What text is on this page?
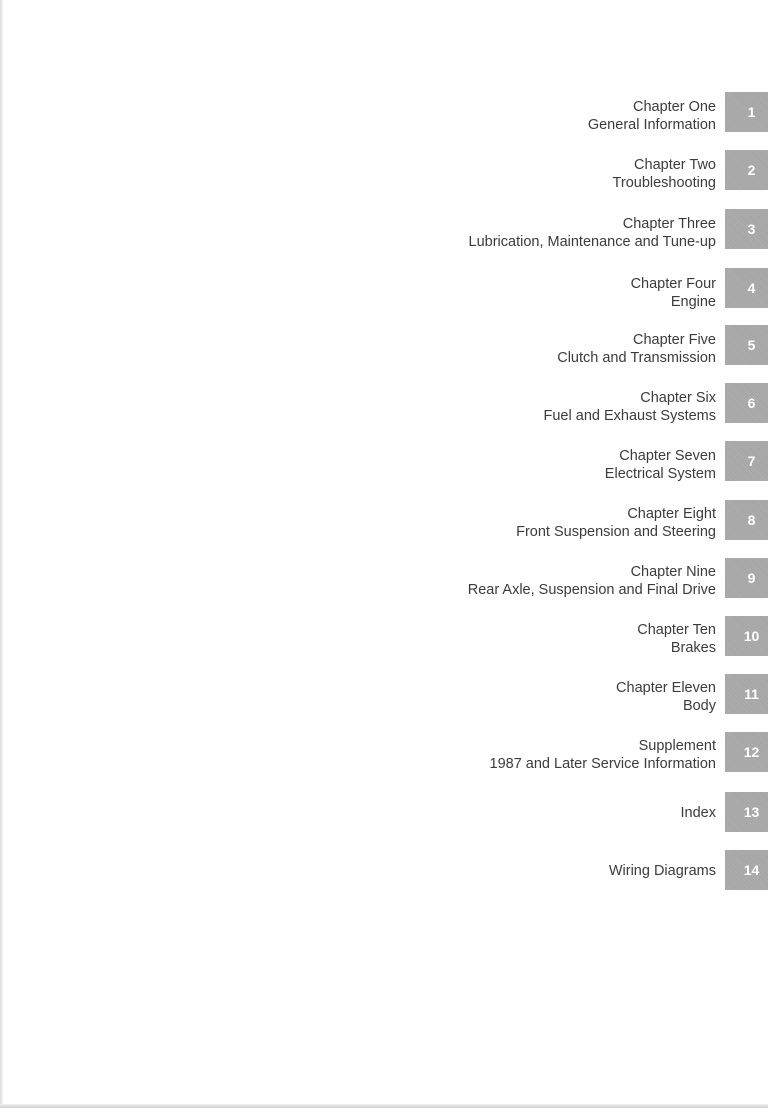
Chapter One
General Information
1
Chapter Two
Troubleshooting
2
Chapter Three
Lubrication, Maintenance and Tune-up
3
Chapter Four
Engine
4
Chapter Five
Clutch and Transmission
5
Chapter Six
Fuel and Exhaust Systems
6
Chapter Seven
Electrical System
7
Chapter Eight
Front Suspension and Steering
8
Chapter Nine
Rear Axle, Suspension and Final Drive
9
Chapter Ten
Brakes
10
Chapter Eleven
Body
11
Supplement
1987 and Later Service Information
12
Index	13
Wiring Diagrams	14
